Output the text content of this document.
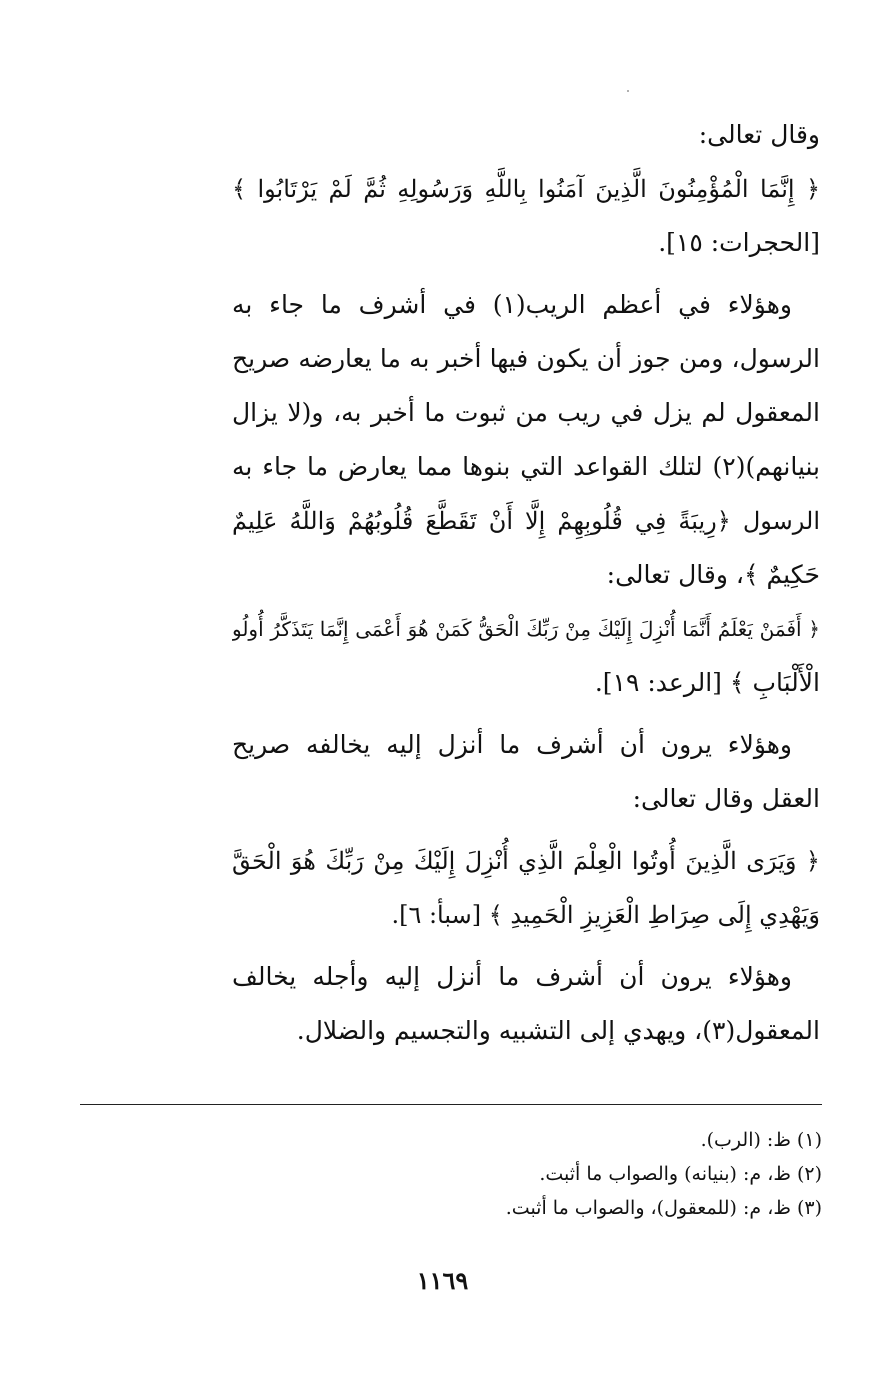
وقال تعالى:
﴿ إِنَّمَا الْمُؤْمِنُونَ الَّذِينَ آمَنُوا بِاللَّهِ وَرَسُولِهِ ثُمَّ لَمْ يَرْتَابُوا ﴾
[الحجرات: ١٥].
وهؤلاء في أعظم الريب(١) في أشرف ما جاء به
الرسول، ومن جوز أن يكون فيها أخبر به ما يعارضه صريح
المعقول لم يزل في ريب من ثبوت ما أخبر به، و(لا يزال
بنيانهم)(٢) لتلك القواعد التي بنوها مما يعارض ما جاء به
الرسول ﴿رِيبَةً فِي قُلُوبِهِمْ إِلَّا أَنْ تَقَطَّعَ قُلُوبُهُمْ وَاللَّهُ عَلِيمٌ
حَكِيمٌ ﴾، وقال تعالى:
﴿ أَفَمَنْ يَعْلَمُ أَنَّمَا أُنْزِلَ إِلَيْكَ مِنْ رَبِّكَ الْحَقُّ كَمَنْ هُوَ أَعْمَى إِنَّمَا يَتَذَكَّرُ أُولُو
الْأَلْبَابِ ﴾ [الرعد: ١٩].
وهؤلاء يرون أن أشرف ما أنزل إليه يخالفه صريح
العقل وقال تعالى:
﴿ وَيَرَى الَّذِينَ أُوتُوا الْعِلْمَ الَّذِي أُنْزِلَ إِلَيْكَ مِنْ رَبِّكَ هُوَ الْحَقَّ
وَيَهْدِي إِلَى صِرَاطِ الْعَزِيزِ الْحَمِيدِ ﴾ [سبأ: ٦].
وهؤلاء يرون أن أشرف ما أنزل إليه وأجله يخالف
المعقول(٣)، ويهدي إلى التشبيه والتجسيم والضلال.
(١) ظ: (الرب).
(٢) ظ، م: (بنيانه) والصواب ما أثبت.
(٣) ظ، م: (للمعقول)، والصواب ما أثبت.
١١٦٩
